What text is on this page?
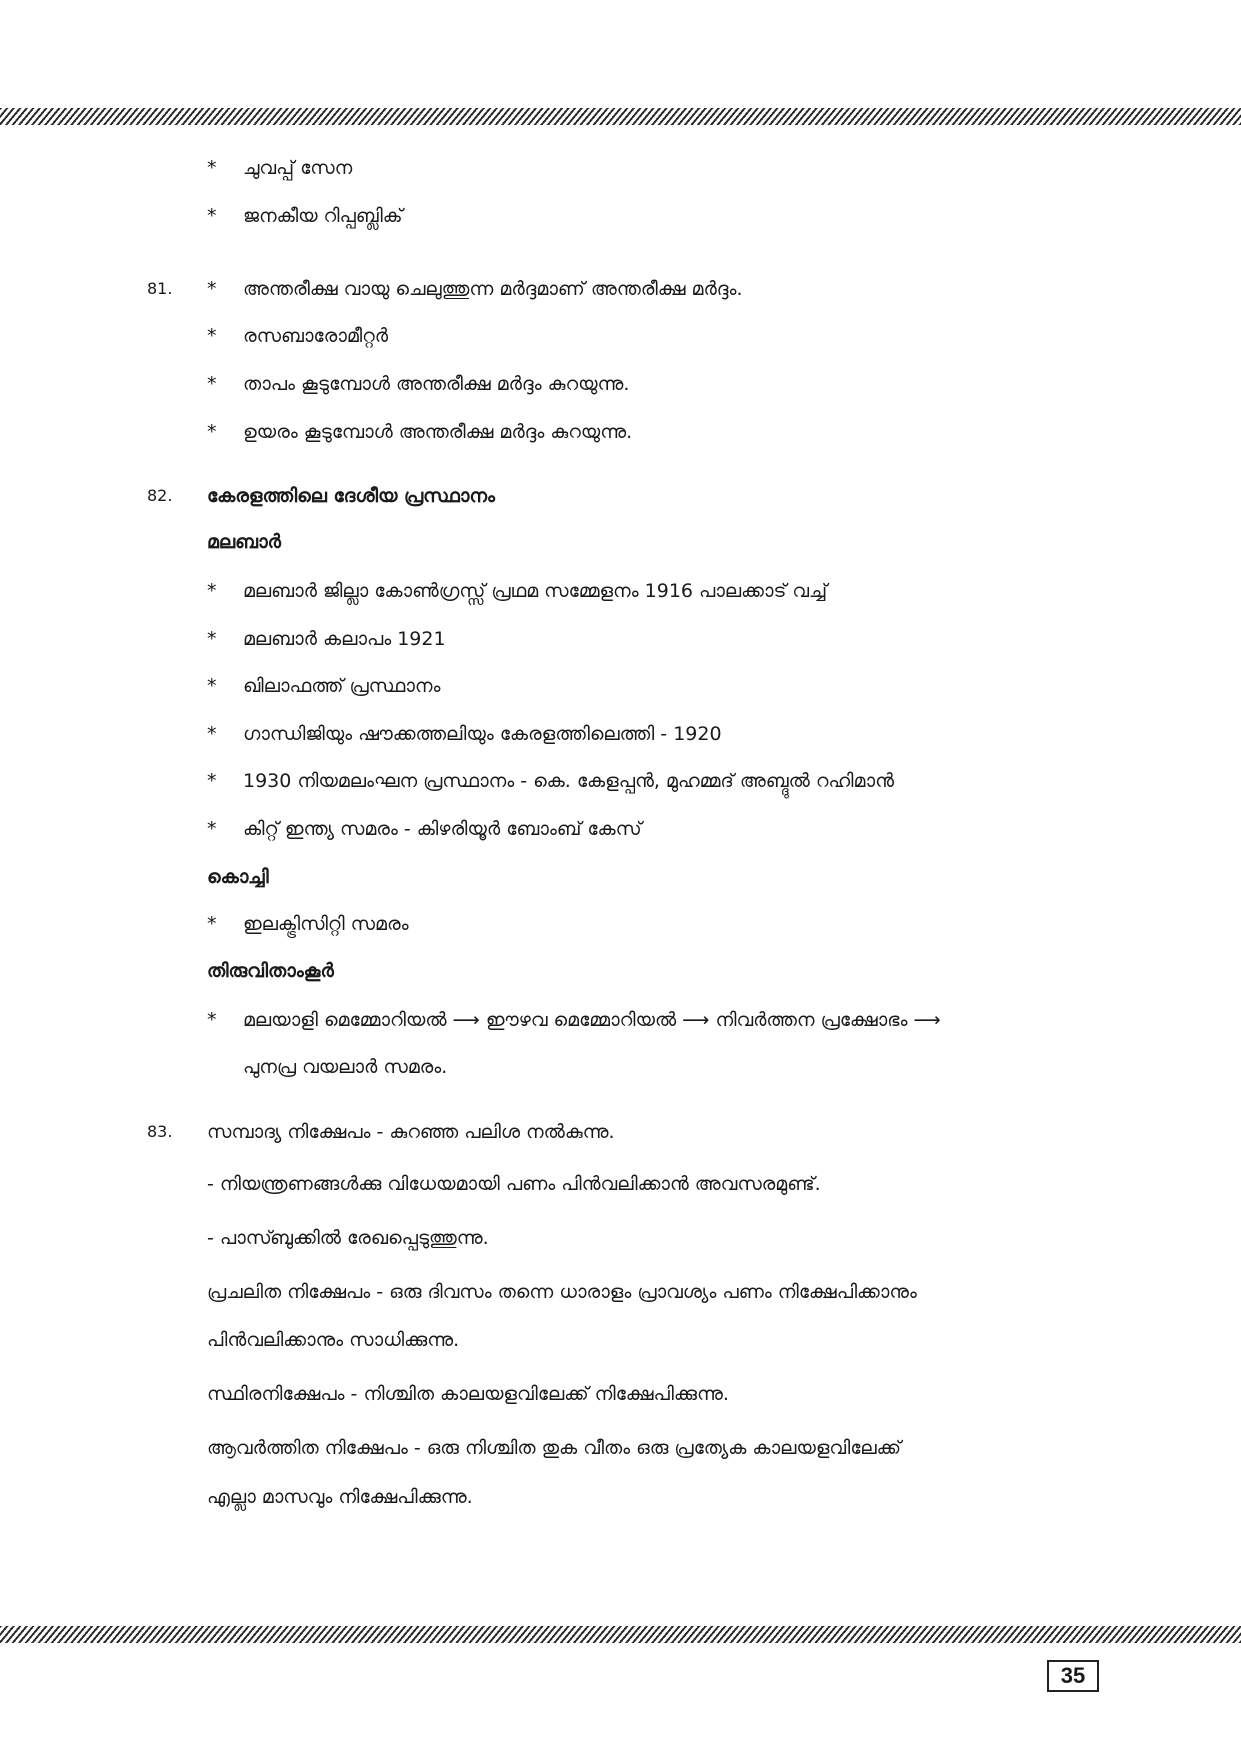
* ചുവപ്പ് സേന
* ജനകീയ റിപ്പബ്ലിക്
81. * അന്തരീക്ഷ വായു ചെലുത്തുന്ന മർദ്ദമാണ് അന്തരീക്ഷ മർദ്ദം.
* രസബാരോമീറ്റർ
* താപം കൂടുമ്പോൾ അന്തരീക്ഷ മർദ്ദം കുറയുന്നു.
* ഉയരം കൂടുമ്പോൾ അന്തരീക്ഷ മർദ്ദം കുറയുന്നു.
82. കേരളത്തിലെ ദേശീയ പ്രസ്ഥാനം
മലബാർ
* മലബാർ ജില്ലാ കോൺഗ്രസ്സ് പ്രഥമ സമ്മേളനം 1916 പാലക്കാട് വച്ച്
* മലബാർ കലാപം 1921
* ഖിലാഫത്ത് പ്രസ്ഥാനം
* ഗാന്ധിജിയും ഷൗക്കത്തലിയും കേരളത്തിലെത്തി - 1920
* 1930 നിയമലംഘന പ്രസ്ഥാനം - കെ. കേളപ്പൻ, മുഹമ്മദ് അബ്ദുൽ റഹിമാൻ
* കിറ്റ് ഇന്ത്യ സമരം - കിഴരിയൂർ ബോംബ് കേസ്
കൊച്ചി
* ഇലക്ട്രിസിറ്റി സമരം
തിരുവിതാംകൂർ
* മലയാളി മെമ്മോറിയൽ ⟶ ഈഴവ മെമ്മോറിയൽ ⟶ നിവർത്തന പ്രക്ഷോഭം ⟶
പുനപ്ര വയലാർ സമരം.
83. സമ്പാദ്യ നിക്ഷേപം - കുറഞ്ഞ പലിശ നൽകുന്നു.
- നിയന്ത്രണങ്ങൾക്കു വിധേയമായി പണം പിൻവലിക്കാൻ അവസരമുണ്ട്.
- പാസ്ബുക്കിൽ രേഖപ്പെടുത്തുന്നു.
പ്രചലിത നിക്ഷേപം - ഒരു ദിവസം തന്നെ ധാരാളം പ്രാവശ്യം പണം നിക്ഷേപിക്കാനും
പിൻവലിക്കാനും സാധിക്കുന്നു.
സ്ഥിരനിക്ഷേപം - നിശ്ചിത കാലയളവിലേക്ക് നിക്ഷേപിക്കുന്നു.
ആവർത്തിത നിക്ഷേപം - ഒരു നിശ്ചിത തുക വീതം ഒരു പ്രത്യേക കാലയളവിലേക്ക്
എല്ലാ മാസവും നിക്ഷേപിക്കുന്നു.
35
